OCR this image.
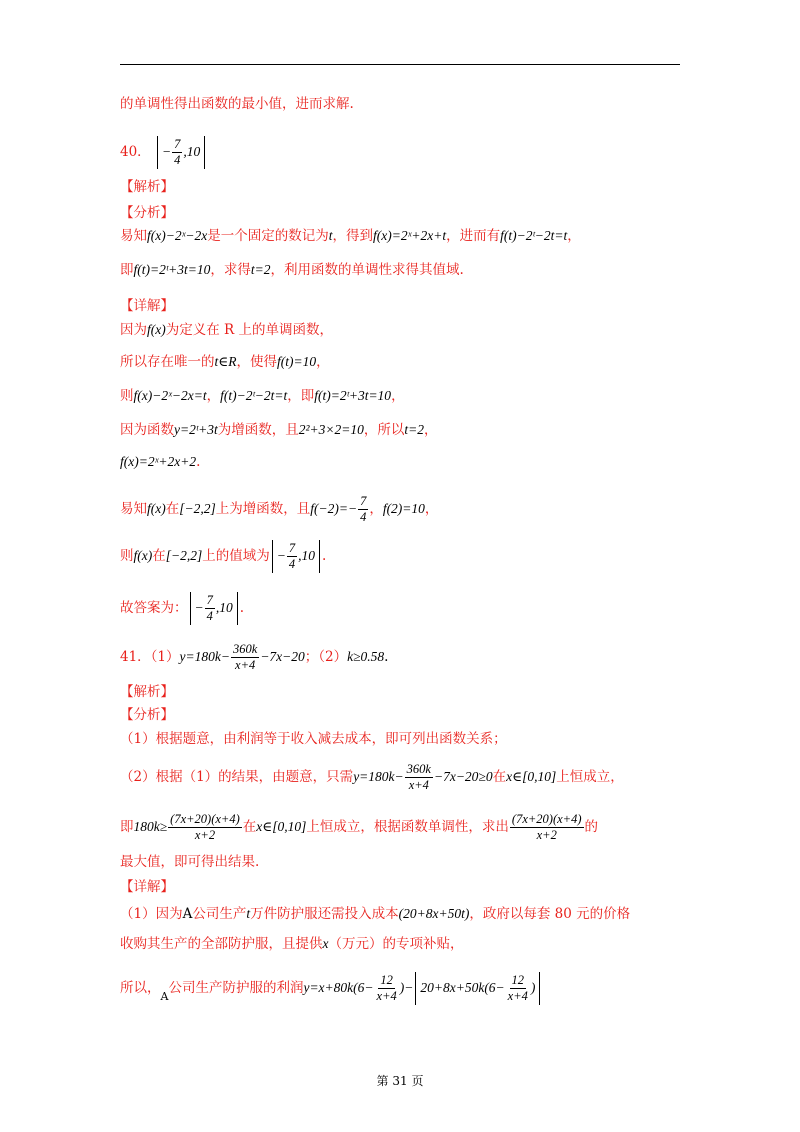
的单调性得出函数的最小值，进而求解.
40． − $\frac{7}{4} ,10$
【解析】
【分析】
易知f(x)−2ˣ−2x是一个固定的数记为t，得到f(x)=2ˣ+2x+t，进而有f(t)−2ᵗ−2t=t，
即f(t)=2ᵗ+3t=10，求得t=2，利用函数的单调性求得其值域.
【详解】
因为f(x)为定义在 R 上的单调函数，
所以存在唯一的t∈R，使得f(t)=10，
则f(x)−2ˣ−2x=t，f(t)−2ᵗ−2t=t，即f(t)=2ᵗ+3t=10，
因为函数y=2ᵗ+3t为增函数，且2²+3×2=10，所以t=2，
f(x)=2ˣ+2x+2.
易知f(x)在[−2,2]上为增函数，且$f(-2)=- \frac{7}{4}$ ，f(2)=10，
则f(x)在[−2,2]上的值域为 − $\frac{7}{4} ,10$ .
故答案为： − $\frac{7}{4} ,10$ .
41．$(1)y=180k- \frac{360k}{x+4} -7x-20$；（2）k≥0.58.
【解析】
【分析】
（1）根据题意，由利润等于收入减去成本，即可列出函数关系；
（2）根据（1）的结果，由题意，只需$y=180k- \frac{360k}{x+4} -7x-20\ge 0$在x∈[0,10]上恒成立，
即$180k\ge \frac{(7x+20)(x+4)}{x+2}$ 在x∈[0,10]上恒成立，根据函数单调性，求出 $\frac{(7x+20)(x+4)}{x+2}$ 的
最大值，即可得出结果.
【详解】
（1）因为A公司生产t万件防护服还需投入成本(20+8x+50t)，政府以每套 80 元的价格
收购其生产的全部防护服，且提供x（万元）的专项补贴，
所以，$_A$公司生产防护服的利润$y=x+80k(6- \frac{12}{x+4}$ )− $20+8x+50k(6- \frac{12}{x+4}$ )
第 31 页
